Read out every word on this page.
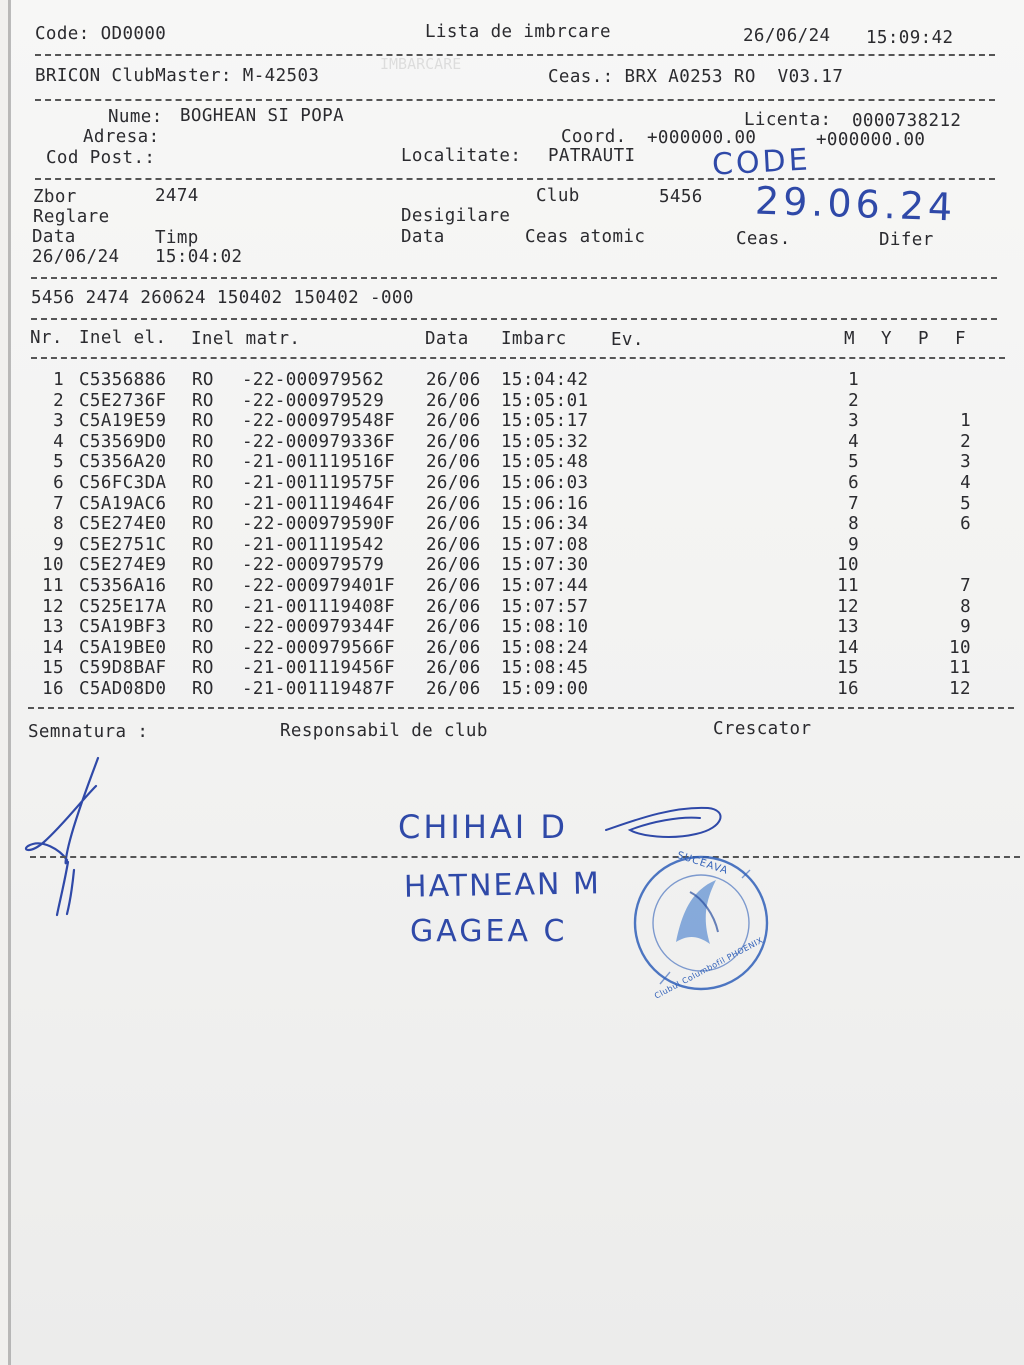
IMBARCARE
Code: OD0000	Lista de imbrcare	26/06/24 15:09:42
BRICON ClubMaster: M-42503	Ceas.: BRX A0253 RO  V03.17
Nume: BOGHEAN SI POPA	Licenta: 0000738212
Adresa:	Coord. +000000.00	+000000.00
Cod Post.:	Localitate: PATRAUTI	CODE
Zbor	2474	Club	5456 29.06.24
Reglare	Desigilare
Data	Timp	Data	Ceas atomic	Ceas.	Difer
26/06/24 15:04:02
5456 2474 260624 150402 150402 -000
Nr. Inel el. Inel matr.	Data Imbarc	Ev.	M Y P F
1 C5356886 RO -22-000979562 26/06 15:04:42	1
2 C5E2736F RO -22-000979529 26/06 15:05:01	2
3 C5A19E59 RO -22-000979548F 26/06 15:05:17	3	1
4 C53569D0 RO -22-000979336F 26/06 15:05:32	4	2
5 C5356A20 RO -21-001119516F 26/06 15:05:48	5	3
6 C56FC3DA RO -21-001119575F 26/06 15:06:03	6	4
7 C5A19AC6 RO -21-001119464F 26/06 15:06:16	7	5
8 C5E274E0 RO -22-000979590F 26/06 15:06:34	8	6
9 C5E2751C RO -21-001119542 26/06 15:07:08	9
10 C5E274E9 RO -22-000979579 26/06 15:07:30	10
11 C5356A16 RO -22-000979401F 26/06 15:07:44	11	7
12 C525E17A RO -21-001119408F 26/06 15:07:57	12	8
13 C5A19BF3 RO -22-000979344F 26/06 15:08:10	13	9
14 C5A19BE0 RO -22-000979566F 26/06 15:08:24	14	10
15 C59D8BAF RO -21-001119456F 26/06 15:08:45	15	11
16 C5AD08D0 RO -21-001119487F 26/06 15:09:00	16	12
Semnatura :	Responsabil de club	Crescator
CHIHAI D
HATNEAN M
GAGEA C
SUCEAVA
Clubul Columbofil PHOENIX
